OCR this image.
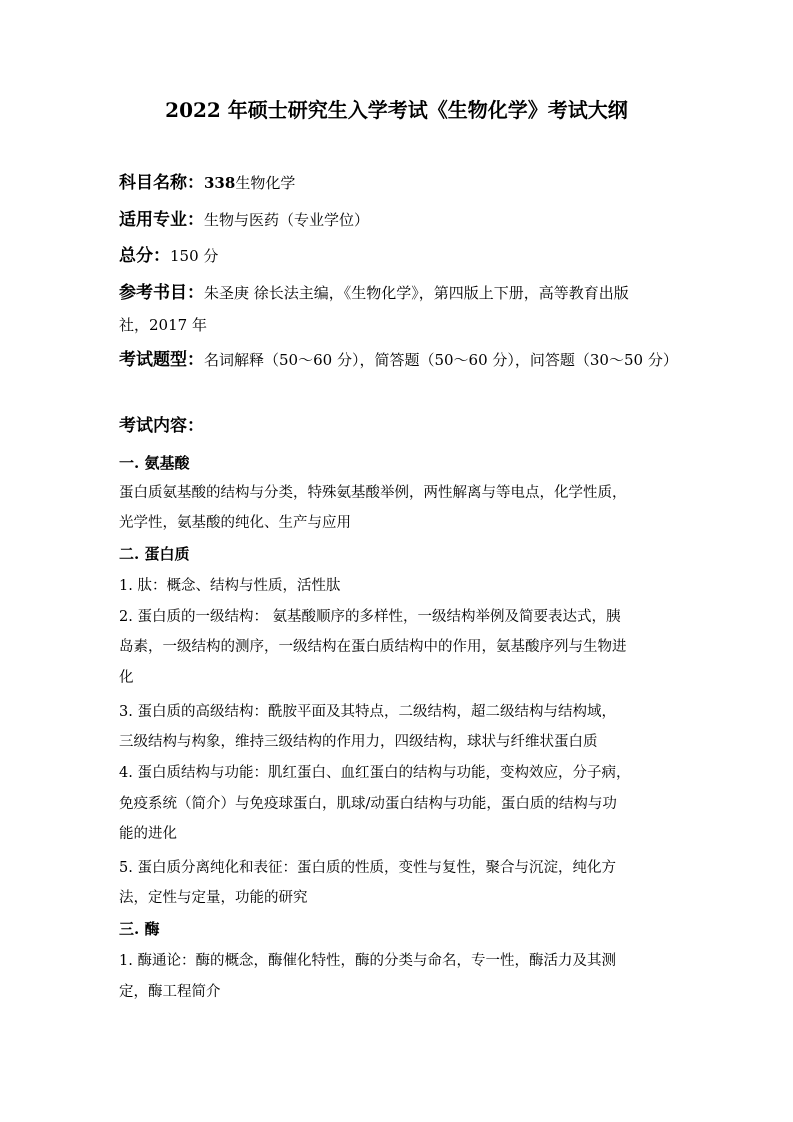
2022 年硕士研究生入学考试《生物化学》考试大纲
科目名称：338生物化学
适用专业：生物与医药（专业学位）
总分：150 分
参考书目：朱圣庚 徐长法主编，《生物化学》，第四版上下册，高等教育出版
社，2017 年
考试题型：名词解释（50～60 分），简答题（50～60 分），问答题（30～50 分）
考试内容：
一. 氨基酸
蛋白质氨基酸的结构与分类，特殊氨基酸举例，两性解离与等电点，化学性质，
光学性，氨基酸的纯化、生产与应用
二. 蛋白质
1. 肽：概念、结构与性质，活性肽
2. 蛋白质的一级结构： 氨基酸顺序的多样性，一级结构举例及简要表达式，胰
岛素，一级结构的测序，一级结构在蛋白质结构中的作用，氨基酸序列与生物进
化
3. 蛋白质的高级结构：酰胺平面及其特点，二级结构，超二级结构与结构域，
三级结构与构象，维持三级结构的作用力，四级结构，球状与纤维状蛋白质
4. 蛋白质结构与功能：肌红蛋白、血红蛋白的结构与功能，变构效应，分子病，
免疫系统（简介）与免疫球蛋白，肌球/动蛋白结构与功能，蛋白质的结构与功
能的进化
5. 蛋白质分离纯化和表征：蛋白质的性质，变性与复性，聚合与沉淀，纯化方
法，定性与定量，功能的研究
三. 酶
1. 酶通论：酶的概念，酶催化特性，酶的分类与命名，专一性，酶活力及其测
定，酶工程简介
